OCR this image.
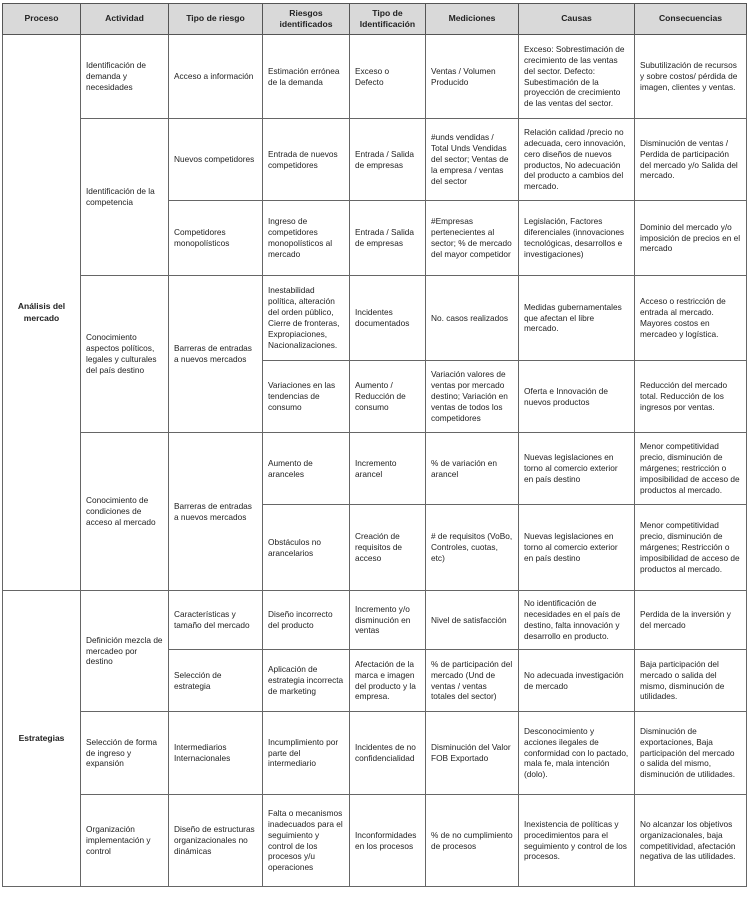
Proceso	Actividad	Tipo de riesgo	Riesgos identificados	Tipo de Identificación	Mediciones	Causas	Consecuencias
Análisis del mercado	Identificación de demanda y necesidades	Acceso a información	Estimación errónea de la demanda	Exceso o Defecto	Ventas / Volumen Producido	Exceso: Sobrestimación de crecimiento de las ventas del sector. Defecto: Subestimación de la proyección de crecimiento de las ventas del sector.	Subutilización de recursos y sobre costos/ pérdida de imagen, clientes y ventas.
	Identificación de la competencia	Nuevos competidores	Entrada de nuevos competidores	Entrada / Salida de empresas	#unds vendidas / Total Unds Vendidas del sector; Ventas de la empresa / ventas del sector	Relación calidad /precio no adecuada, cero innovación, cero diseños de nuevos productos, No adecuación del producto a cambios del mercado.	Disminución de ventas / Perdida de participación del mercado y/o Salida del mercado.
		Competidores monopolísticos	Ingreso de competidores monopolísticos al mercado	Entrada / Salida de empresas	#Empresas pertenecientes al sector; % de mercado del mayor competidor	Legislación, Factores diferenciales (innovaciones tecnológicas, desarrollos e investigaciones)	Dominio del mercado y/o imposición de precios en el mercado
	Conocimiento aspectos políticos, legales y culturales del país destino	Barreras de entradas a nuevos mercados	Inestabilidad política, alteración del orden público, Cierre de fronteras, Expropiaciones, Nacionalizaciones.	Incidentes documentados	No. casos realizados	Medidas gubernamentales que afectan el libre mercado.	Acceso o restricción de entrada al mercado. Mayores costos en mercadeo y logística.
			Variaciones en las tendencias de consumo	Aumento / Reducción de consumo	Variación valores de ventas por mercado destino; Variación en ventas de todos los competidores	Oferta e Innovación de nuevos productos	Reducción del mercado total. Reducción de los ingresos por ventas.
	Conocimiento de condiciones de acceso al mercado	Barreras de entradas a nuevos mercados	Aumento de aranceles	Incremento arancel	% de variación en arancel	Nuevas legislaciones en torno al comercio exterior en país destino	Menor competitividad precio, disminución de márgenes; restricción o imposibilidad de acceso de productos al mercado.
			Obstáculos no arancelarios	Creación de requisitos de acceso	# de requisitos (VoBo, Controles, cuotas, etc)	Nuevas legislaciones en torno al comercio exterior en país destino	Menor competitividad precio, disminución de márgenes; Restricción o imposibilidad de acceso de productos al mercado.
Estrategias	Definición mezcla de mercadeo por destino	Características y tamaño del mercado	Diseño incorrecto del producto	Incremento y/o disminución en ventas	Nivel de satisfacción	No identificación de necesidades en el país de destino, falta innovación y desarrollo en producto.	Perdida de la inversión y del mercado
		Selección de estrategia	Aplicación de estrategia incorrecta de marketing	Afectación de la marca e imagen del producto y la empresa.	% de participación del mercado (Und de ventas / ventas totales del sector)	No adecuada investigación de mercado	Baja participación del mercado o salida del mismo, disminución de utilidades.
	Selección de forma de ingreso y expansión	Intermediarios Internacionales	Incumplimiento por parte del intermediario	Incidentes de no confidencialidad	Disminución del Valor FOB Exportado	Desconocimiento y acciones ilegales de conformidad con lo pactado, mala fe, mala intención (dolo).	Disminución de exportaciones, Baja participación del mercado o salida del mismo, disminución de utilidades.
	Organización implementación y control	Diseño de estructuras organizacionales no dinámicas	Falta o mecanismos inadecuados para el seguimiento y control de los procesos y/u operaciones	Inconformidades en los procesos	% de no cumplimiento de procesos	Inexistencia de políticas y procedimientos para el seguimiento y control de los procesos.	No alcanzar los objetivos organizacionales, baja competitividad, afectación negativa de las utilidades.
